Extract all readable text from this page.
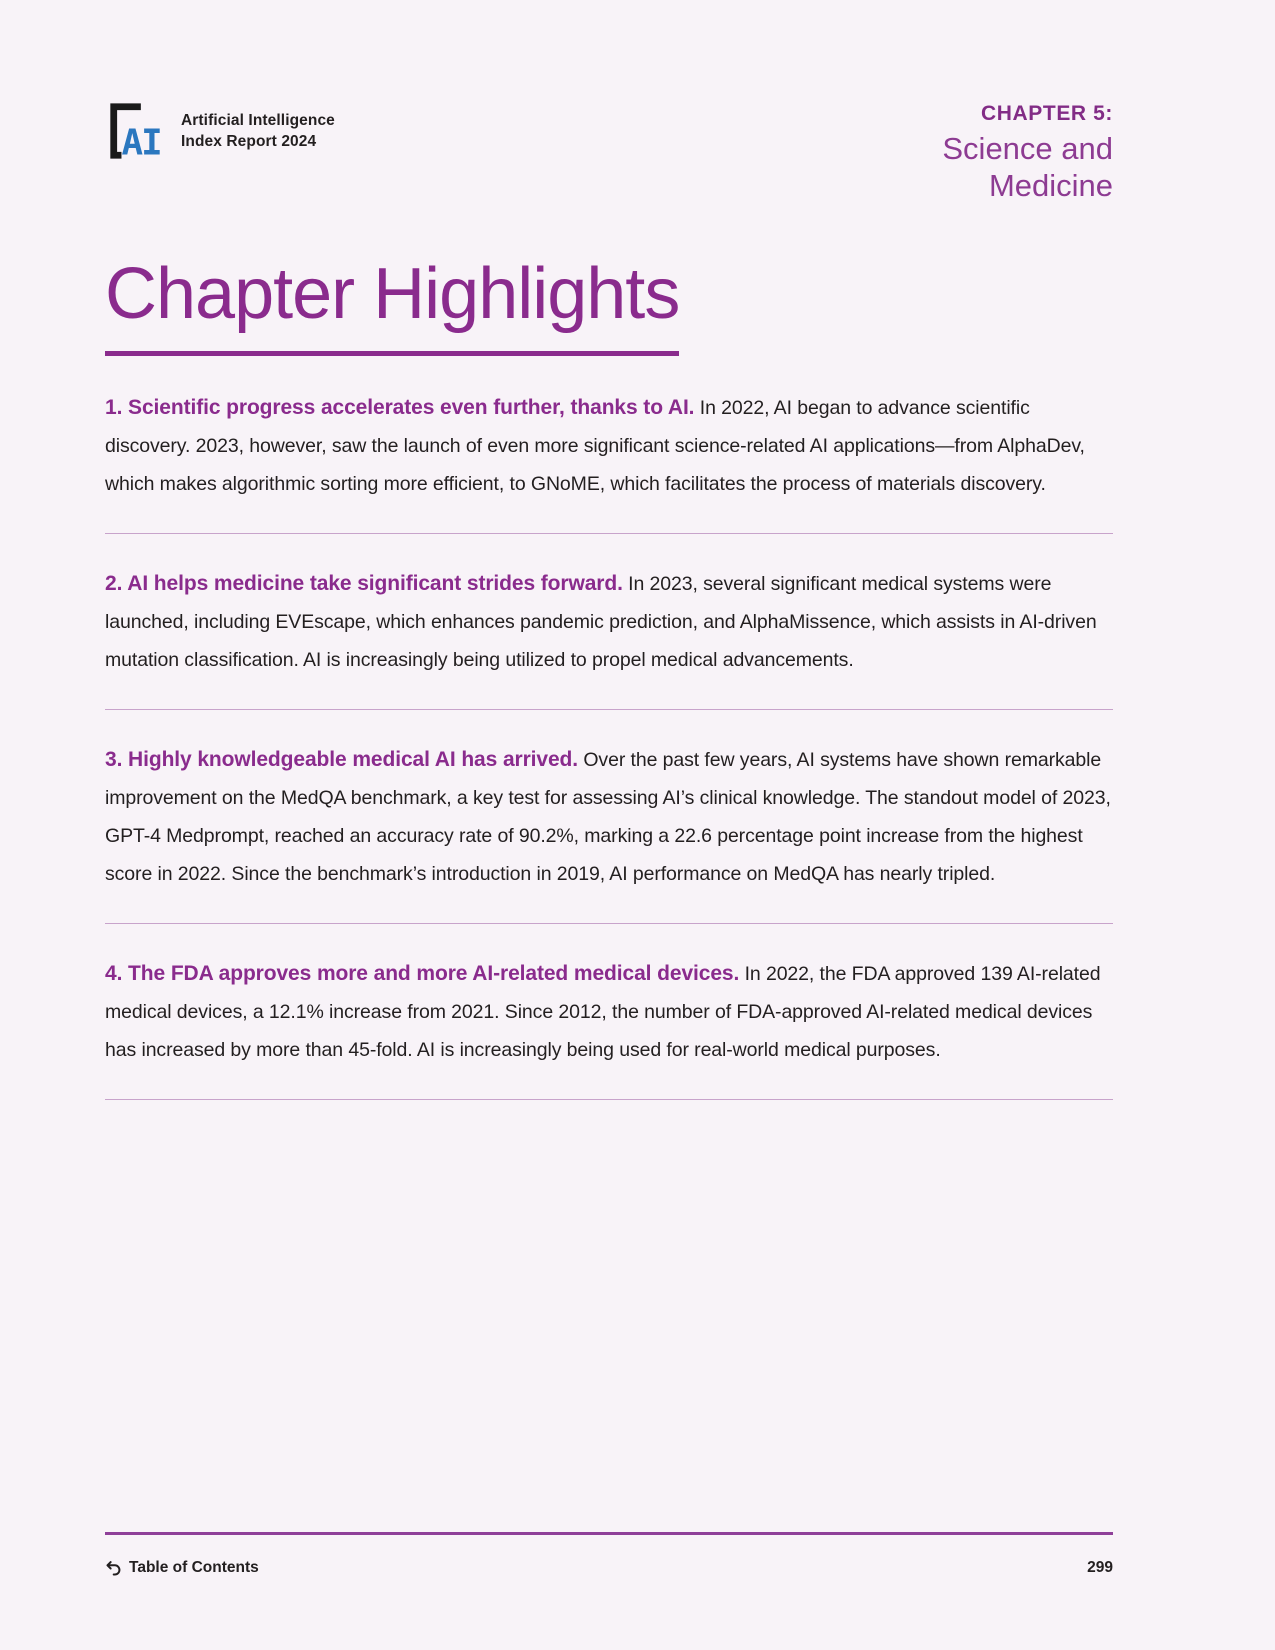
AI
Artificial Intelligence
Index Report 2024
CHAPTER 5:
Science and
Medicine
Chapter Highlights

1. Scientific progress accelerates even further, thanks to AI. In 2022, AI began to advance scientific discovery. 2023, however, saw the launch of even more significant science-related AI applications—from AlphaDev, which makes algorithmic sorting more efficient, to GNoME, which facilitates the process of materials discovery.

2. AI helps medicine take significant strides forward. In 2023, several significant medical systems were launched, including EVEscape, which enhances pandemic prediction, and AlphaMissence, which assists in AI-driven mutation classification. AI is increasingly being utilized to propel medical advancements.

3. Highly knowledgeable medical AI has arrived. Over the past few years, AI systems have shown remarkable improvement on the MedQA benchmark, a key test for assessing AI’s clinical knowledge. The standout model of 2023, GPT-4 Medprompt, reached an accuracy rate of 90.2%, marking a 22.6 percentage point increase from the highest score in 2022. Since the benchmark’s introduction in 2019, AI performance on MedQA has nearly tripled.

4. The FDA approves more and more AI-related medical devices. In 2022, the FDA approved 139 AI-related medical devices, a 12.1% increase from 2021. Since 2012, the number of FDA-approved AI-related medical devices has increased by more than 45-fold. AI is increasingly being used for real-world medical purposes.

Table of Contents	299
